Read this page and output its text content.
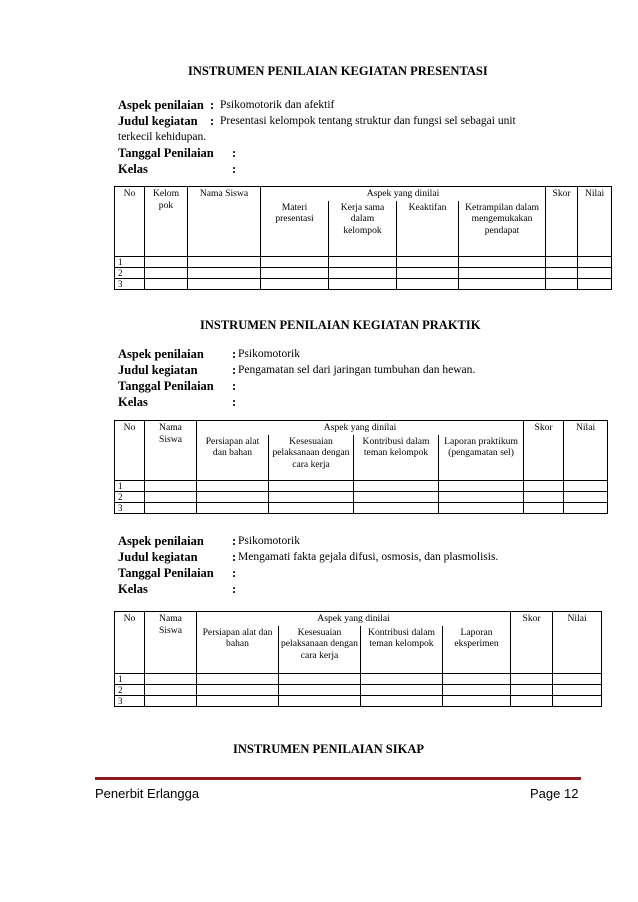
INSTRUMEN PENILAIAN KEGIATAN PRESENTASI
Aspek penilaian : Psikomotorik dan afektif
Judul kegiatan : Presentasi kelompok tentang struktur dan fungsi sel sebagai unit
terkecil kehidupan.
Tanggal Penilaian	:
Kelas	:
No	Kelom pok	Nama Siswa	Aspek yang dinilai				Skor	Nilai
			Materi presentasi	Kerja sama dalam kelompok	Keaktifan	Ketrampilan dalam mengemukakan pendapat		
1								
2								
3								
INSTRUMEN PENILAIAN KEGIATAN PRAKTIK
Aspek penilaian	: Psikomotorik
Judul kegiatan	: Pengamatan sel dari jaringan tumbuhan dan hewan.
Tanggal Penilaian	:
Kelas	:
No	Nama Siswa	Aspek yang dinilai				Skor	Nilai
		Persiapan alat dan bahan	Kesesuaian pelaksanaan dengan cara kerja	Kontribusi dalam teman kelompok	Laporan praktikum (pengamatan sel)		
1							
2							
3							
Aspek penilaian	: Psikomotorik
Judul kegiatan	: Mengamati fakta gejala difusi, osmosis, dan plasmolisis.
Tanggal Penilaian	:
Kelas	:
No	Nama Siswa	Aspek yang dinilai				Skor	Nilai
		Persiapan alat dan bahan	Kesesuaian pelaksanaan dengan cara kerja	Kontribusi dalam teman kelompok	Laporan eksperimen		
1							
2							
3							
INSTRUMEN PENILAIAN SIKAP
Penerbit Erlangga	Page 12
